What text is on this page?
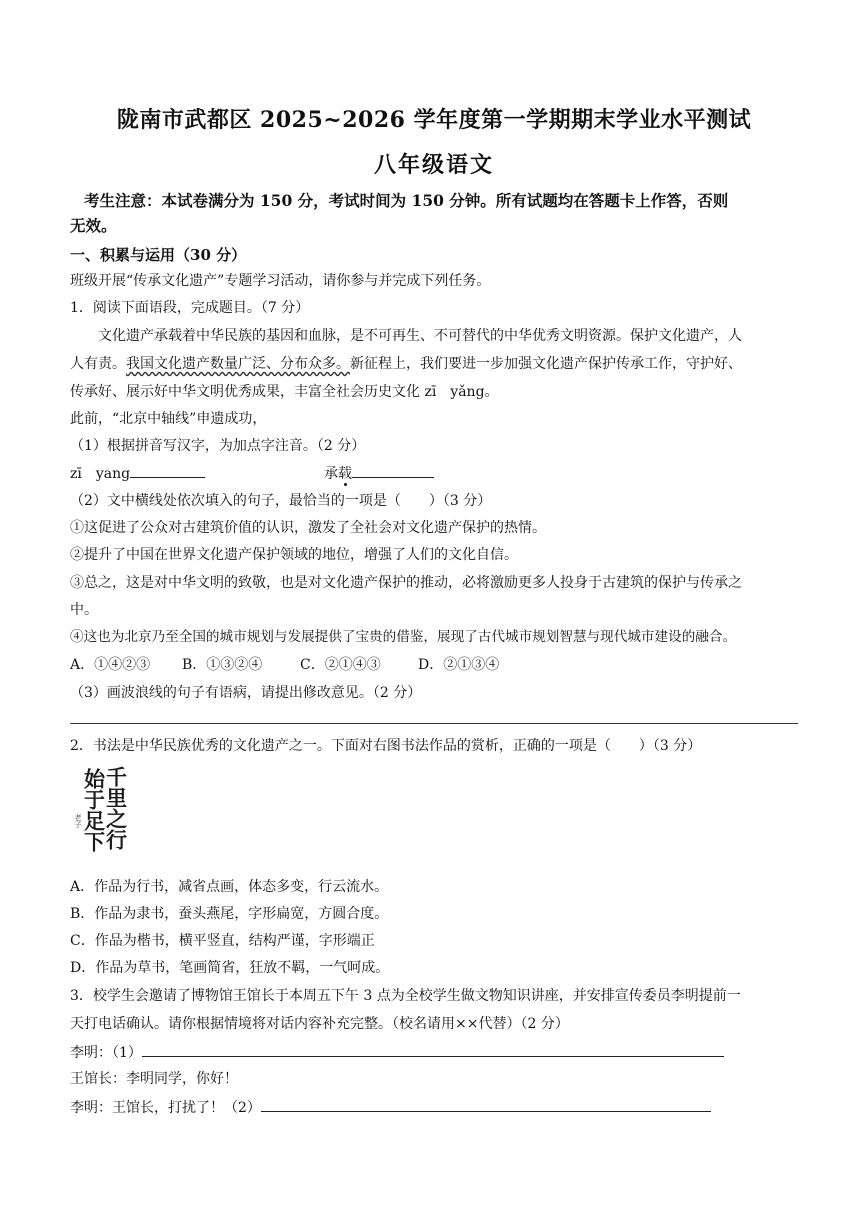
陇南市武都区 2025~2026 学年度第一学期期末学业水平测试
八年级语文
考生注意：本试卷满分为 150 分，考试时间为 150 分钟。所有试题均在答题卡上作答，否则
无效。
一、积累与运用（30 分）
班级开展“传承文化遗产”专题学习活动，请你参与并完成下列任务。
1．阅读下面语段，完成题目。（7 分）
文化遗产承载着中华民族的基因和血脉，是不可再生、不可替代的中华优秀文明资源。保护文化遗产，人
人有责。我国文化遗产数量广泛、分布众多。新征程上，我们要进一步加强文化遗产保护传承工作，守护好、
传承好、展示好中华文明优秀成果，丰富全社会历史文化 zī　yǎng。
此前，“北京中轴线”申遗成功，
（1）根据拼音写汉字，为加点字注音。（2 分）
zī　yang	承载
（2）文中横线处依次填入的句子，最恰当的一项是（　　）（3 分）
①这促进了公众对古建筑价值的认识，激发了全社会对文化遗产保护的热情。
②提升了中国在世界文化遗产保护领域的地位，增强了人们的文化自信。
③总之，这是对中华文明的致敬，也是对文化遗产保护的推动，必将激励更多人投身于古建筑的保护与传承之
中。
④这也为北京乃至全国的城市规划与发展提供了宝贵的借鉴，展现了古代城市规划智慧与现代城市建设的融合。
A．①④②③ B．①③②④	C．②①④③	D．②①③④
（3）画波浪线的句子有语病，请提出修改意见。（2 分）
2．书法是中华民族优秀的文化遗产之一。下面对右图书法作品的赏析，正确的一项是（　　）（3 分）
千里之行
始于足下
老子
A．作品为行书，减省点画，体态多变，行云流水。
B．作品为隶书，蚕头燕尾，字形扁宽，方圆合度。
C．作品为楷书，横平竖直，结构严谨，字形端正
D．作品为草书，笔画简省，狂放不羁，一气呵成。
3．校学生会邀请了博物馆王馆长于本周五下午 3 点为全校学生做文物知识讲座，并安排宣传委员李明提前一
天打电话确认。请你根据情境将对话内容补充完整。（校名请用××代替）（2 分）
李明：（1）
王馆长：李明同学，你好！
李明：王馆长，打扰了！（2）
